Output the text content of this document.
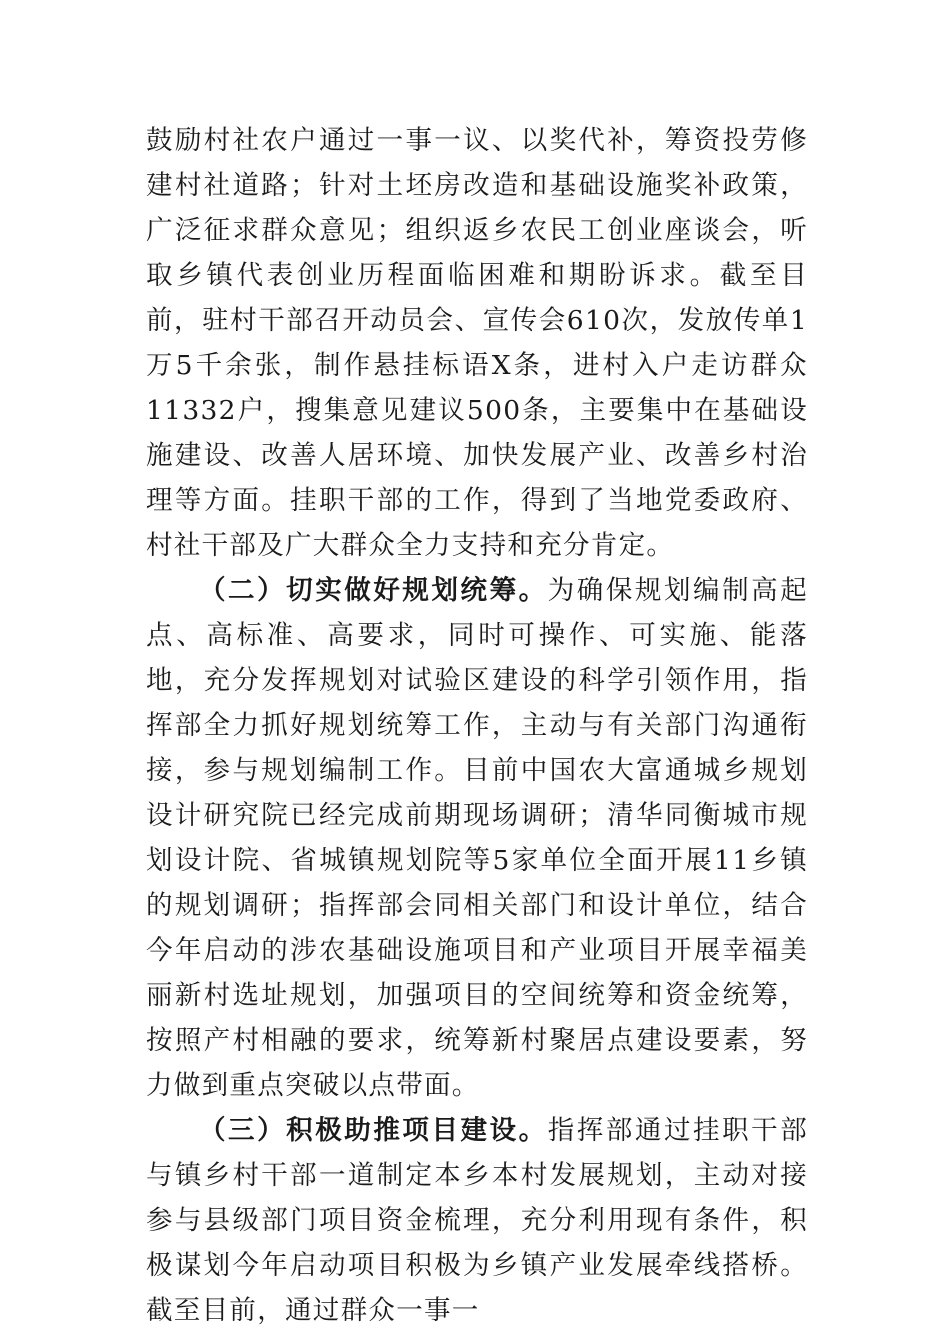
鼓励村社农户通过一事一议、以奖代补，筹资投劳修建村社道路；针对土坯房改造和基础设施奖补政策，广泛征求群众意见；组织返乡农民工创业座谈会，听取乡镇代表创业历程面临困难和期盼诉求。截至目前，驻村干部召开动员会、宣传会610次，发放传单1万5千余张，制作悬挂标语X条，进村入户走访群众11332户，搜集意见建议500条，主要集中在基础设施建设、改善人居环境、加快发展产业、改善乡村治理等方面。挂职干部的工作，得到了当地党委政府、村社干部及广大群众全力支持和充分肯定。

（二）切实做好规划统筹。为确保规划编制高起点、高标准、高要求，同时可操作、可实施、能落地，充分发挥规划对试验区建设的科学引领作用，指挥部全力抓好规划统筹工作，主动与有关部门沟通衔接，参与规划编制工作。目前中国农大富通城乡规划设计研究院已经完成前期现场调研；清华同衡城市规划设计院、省城镇规划院等5家单位全面开展11乡镇的规划调研；指挥部会同相关部门和设计单位，结合今年启动的涉农基础设施项目和产业项目开展幸福美丽新村选址规划，加强项目的空间统筹和资金统筹，按照产村相融的要求，统筹新村聚居点建设要素，努力做到重点突破以点带面。

（三）积极助推项目建设。指挥部通过挂职干部与镇乡村干部一道制定本乡本村发展规划，主动对接参与县级部门项目资金梳理，充分利用现有条件，积极谋划今年启动项目积极为乡镇产业发展牵线搭桥。截至目前，通过群众一事一
